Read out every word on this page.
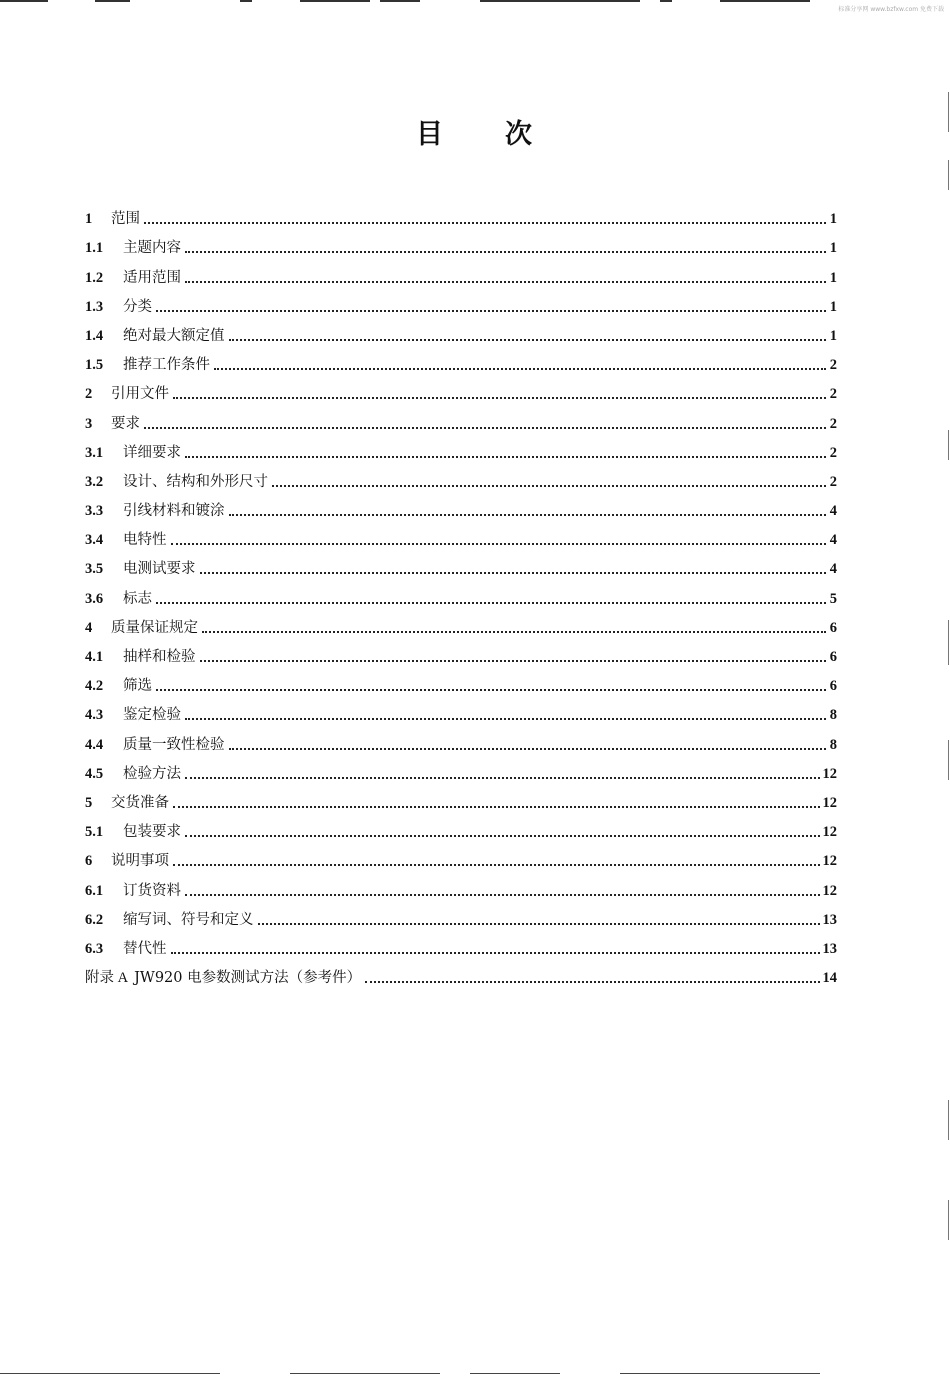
标准分享网 www.bzfxw.com 免费下载
目 次
1	范围	1
1.1	主题内容	1
1.2	适用范围	1
1.3	分类	1
1.4	绝对最大额定值	1
1.5	推荐工作条件	2
2	引用文件	2
3	要求	2
3.1	详细要求	2
3.2	设计、结构和外形尺寸	2
3.3	引线材料和镀涂	4
3.4	电特性	4
3.5	电测试要求	4
3.6	标志	5
4	质量保证规定	6
4.1	抽样和检验	6
4.2	筛选	6
4.3	鉴定检验	8
4.4	质量一致性检验	8
4.5	检验方法	12
5	交货准备	12
5.1	包装要求	12
6	说明事项	12
6.1	订货资料	12
6.2	缩写词、符号和定义	13
6.3	替代性	13
附录 A JW920 电参数测试方法（参考件）	14
